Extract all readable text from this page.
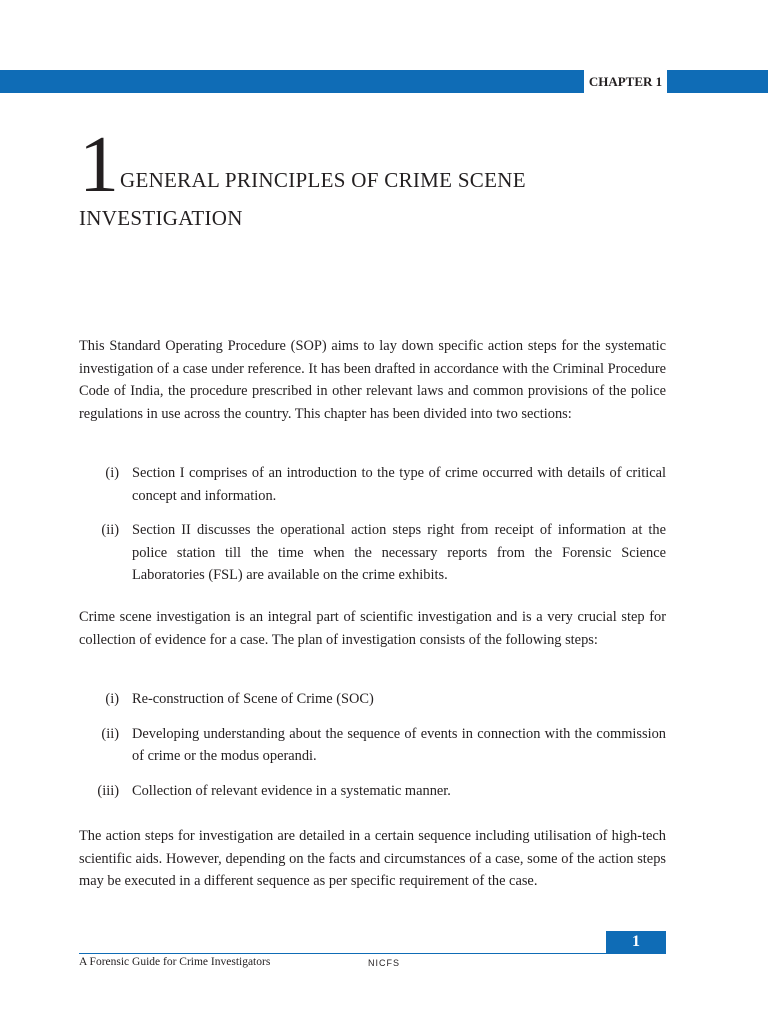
CHAPTER 1
1 GENERAL PRINCIPLES OF CRIME SCENE
INVESTIGATION
This Standard Operating Procedure (SOP) aims to lay down specific action steps for the systematic investigation of a case under reference. It has been drafted in accordance with the Criminal Procedure Code of India, the procedure prescribed in other relevant laws and common provisions of the police regulations in use across the country. This chapter has been divided into two sections:
(i) Section I comprises of an introduction to the type of crime occurred with details of critical concept and information.
(ii) Section II discusses the operational action steps right from receipt of information at the police station till the time when the necessary reports from the Forensic Science Laboratories (FSL) are available on the crime exhibits.
Crime scene investigation is an integral part of scientific investigation and is a very crucial step for collection of evidence for a case. The plan of investigation consists of the following steps:
(i) Re-construction of Scene of Crime (SOC)
(ii) Developing understanding about the sequence of events in connection with the commission of crime or the modus operandi.
(iii) Collection of relevant evidence in a systematic manner.
The action steps for investigation are detailed in a certain sequence including utilisation of high-tech scientific aids. However, depending on the facts and circumstances of a case, some of the action steps may be executed in a different sequence as per specific requirement of the case.
1
A Forensic Guide for Crime Investigators	NICFS
